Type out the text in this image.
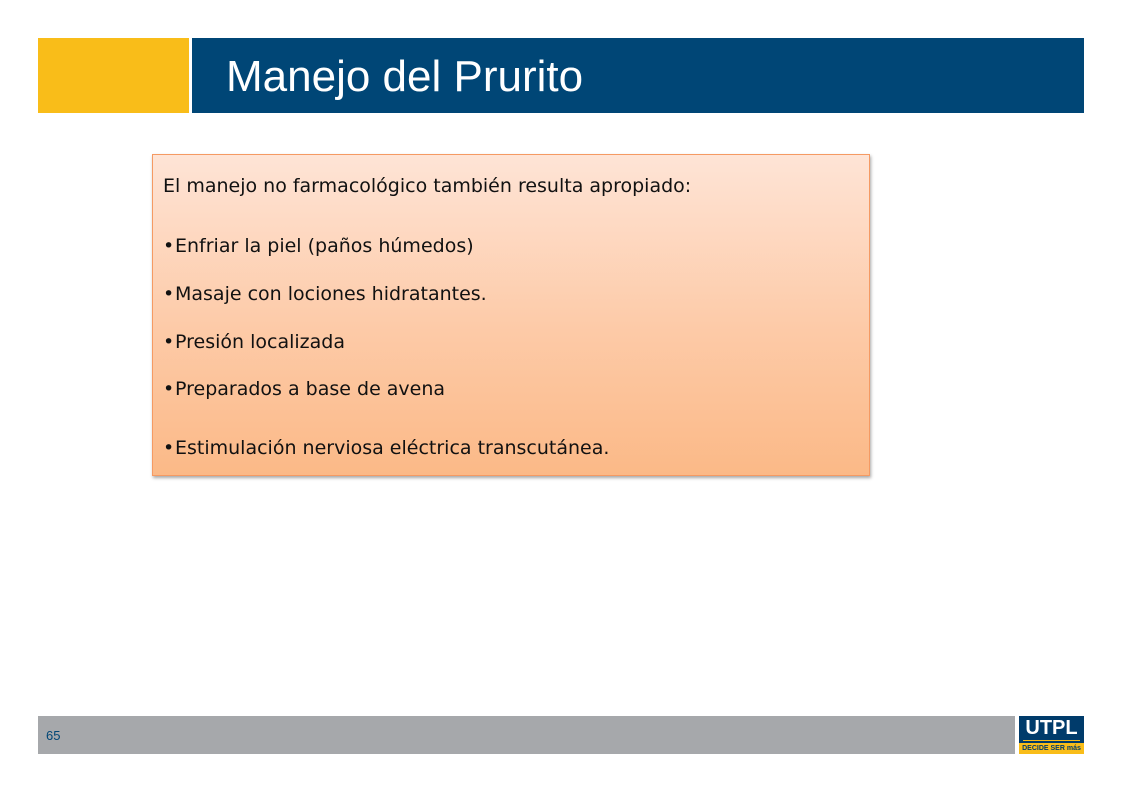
Manejo del Prurito
El manejo no farmacológico también resulta apropiado:
•Enfriar la piel (paños húmedos)
•Masaje con lociones hidratantes.
•Presión localizada
•Preparados a base de avena
•Estimulación nerviosa eléctrica transcutánea.
65	UTPL
DECIDE SER más
